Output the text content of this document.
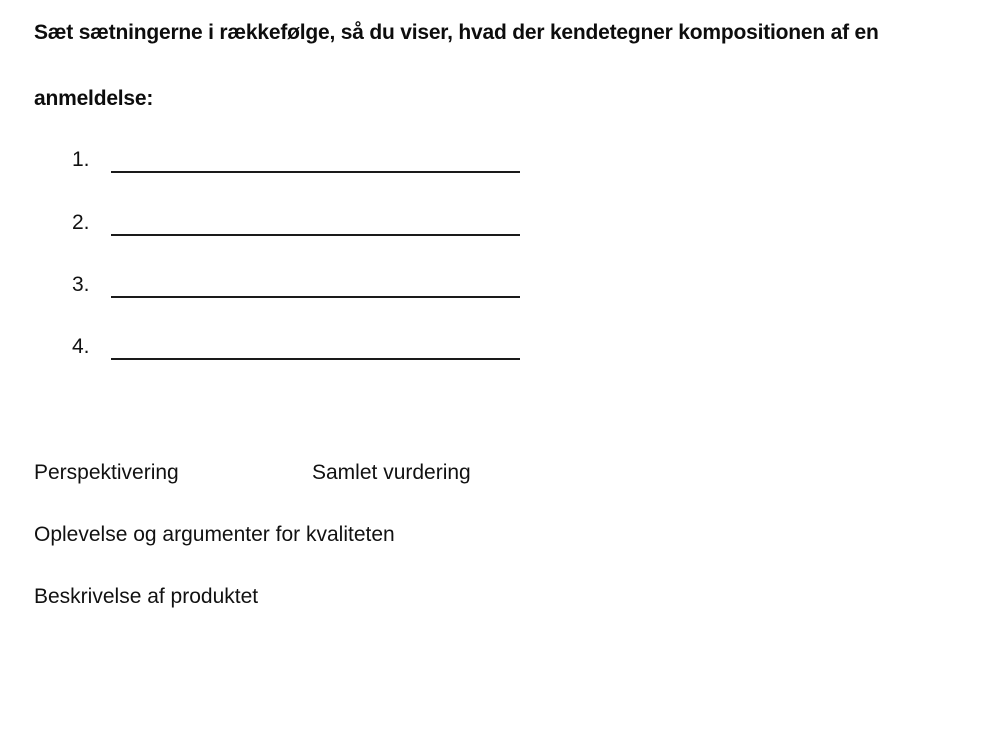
Sæt sætningerne i rækkefølge, så du viser, hvad der kendetegner kompositionen af en
anmeldelse:
1.
2.
3.
4.
Perspektivering	Samlet vurdering
Oplevelse og argumenter for kvaliteten
Beskrivelse af produktet
